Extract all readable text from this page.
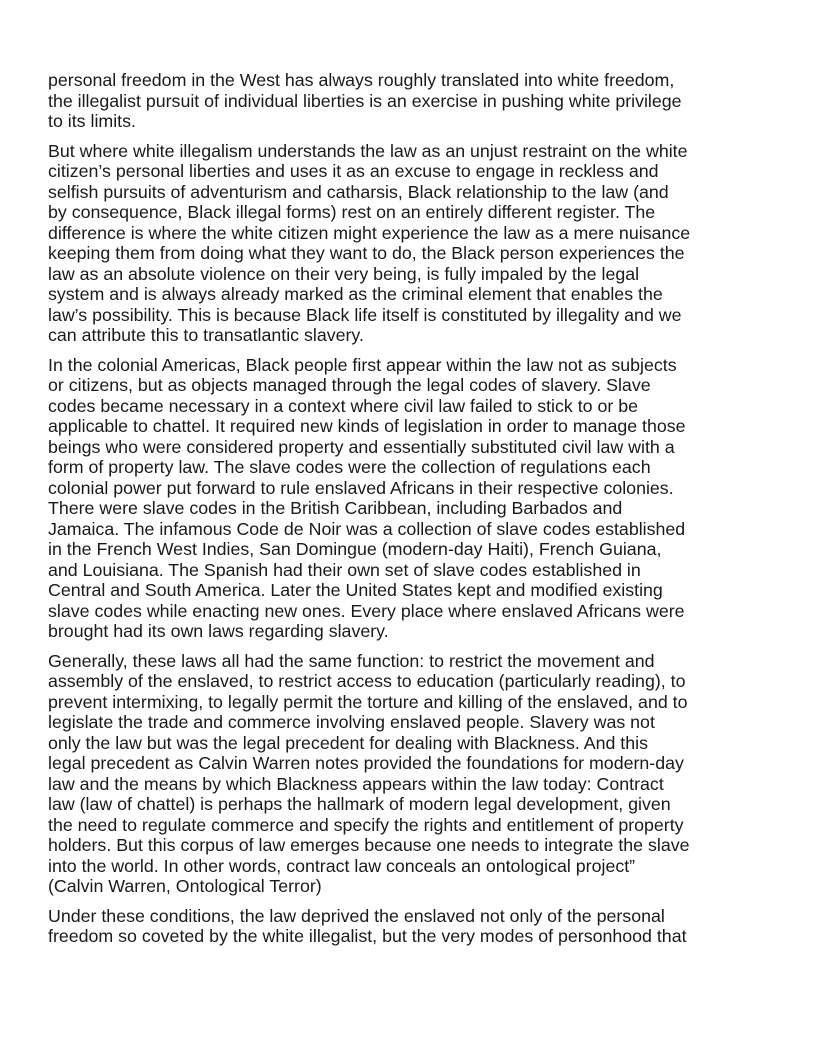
personal freedom in the West has always roughly translated into white freedom,
the illegalist pursuit of individual liberties is an exercise in pushing white privilege
to its limits.

But where white illegalism understands the law as an unjust restraint on the white
citizen’s personal liberties and uses it as an excuse to engage in reckless and
selfish pursuits of adventurism and catharsis, Black relationship to the law (and
by consequence, Black illegal forms) rest on an entirely different register. The
difference is where the white citizen might experience the law as a mere nuisance
keeping them from doing what they want to do, the Black person experiences the
law as an absolute violence on their very being, is fully impaled by the legal
system and is always already marked as the criminal element that enables the
law’s possibility. This is because Black life itself is constituted by illegality and we
can attribute this to transatlantic slavery.

In the colonial Americas, Black people first appear within the law not as subjects
or citizens, but as objects managed through the legal codes of slavery. Slave
codes became necessary in a context where civil law failed to stick to or be
applicable to chattel. It required new kinds of legislation in order to manage those
beings who were considered property and essentially substituted civil law with a
form of property law. The slave codes were the collection of regulations each
colonial power put forward to rule enslaved Africans in their respective colonies.
There were slave codes in the British Caribbean, including Barbados and
Jamaica. The infamous Code de Noir was a collection of slave codes established
in the French West Indies, San Domingue (modern-day Haiti), French Guiana,
and Louisiana. The Spanish had their own set of slave codes established in
Central and South America. Later the United States kept and modified existing
slave codes while enacting new ones. Every place where enslaved Africans were
brought had its own laws regarding slavery.

Generally, these laws all had the same function: to restrict the movement and
assembly of the enslaved, to restrict access to education (particularly reading), to
prevent intermixing, to legally permit the torture and killing of the enslaved, and to
legislate the trade and commerce involving enslaved people. Slavery was not
only the law but was the legal precedent for dealing with Blackness. And this
legal precedent as Calvin Warren notes provided the foundations for modern-day
law and the means by which Blackness appears within the law today: Contract
law (law of chattel) is perhaps the hallmark of modern legal development, given
the need to regulate commerce and specify the rights and entitlement of property
holders. But this corpus of law emerges because one needs to integrate the slave
into the world. In other words, contract law conceals an ontological project”
(Calvin Warren, Ontological Terror)

Under these conditions, the law deprived the enslaved not only of the personal
freedom so coveted by the white illegalist, but the very modes of personhood that
